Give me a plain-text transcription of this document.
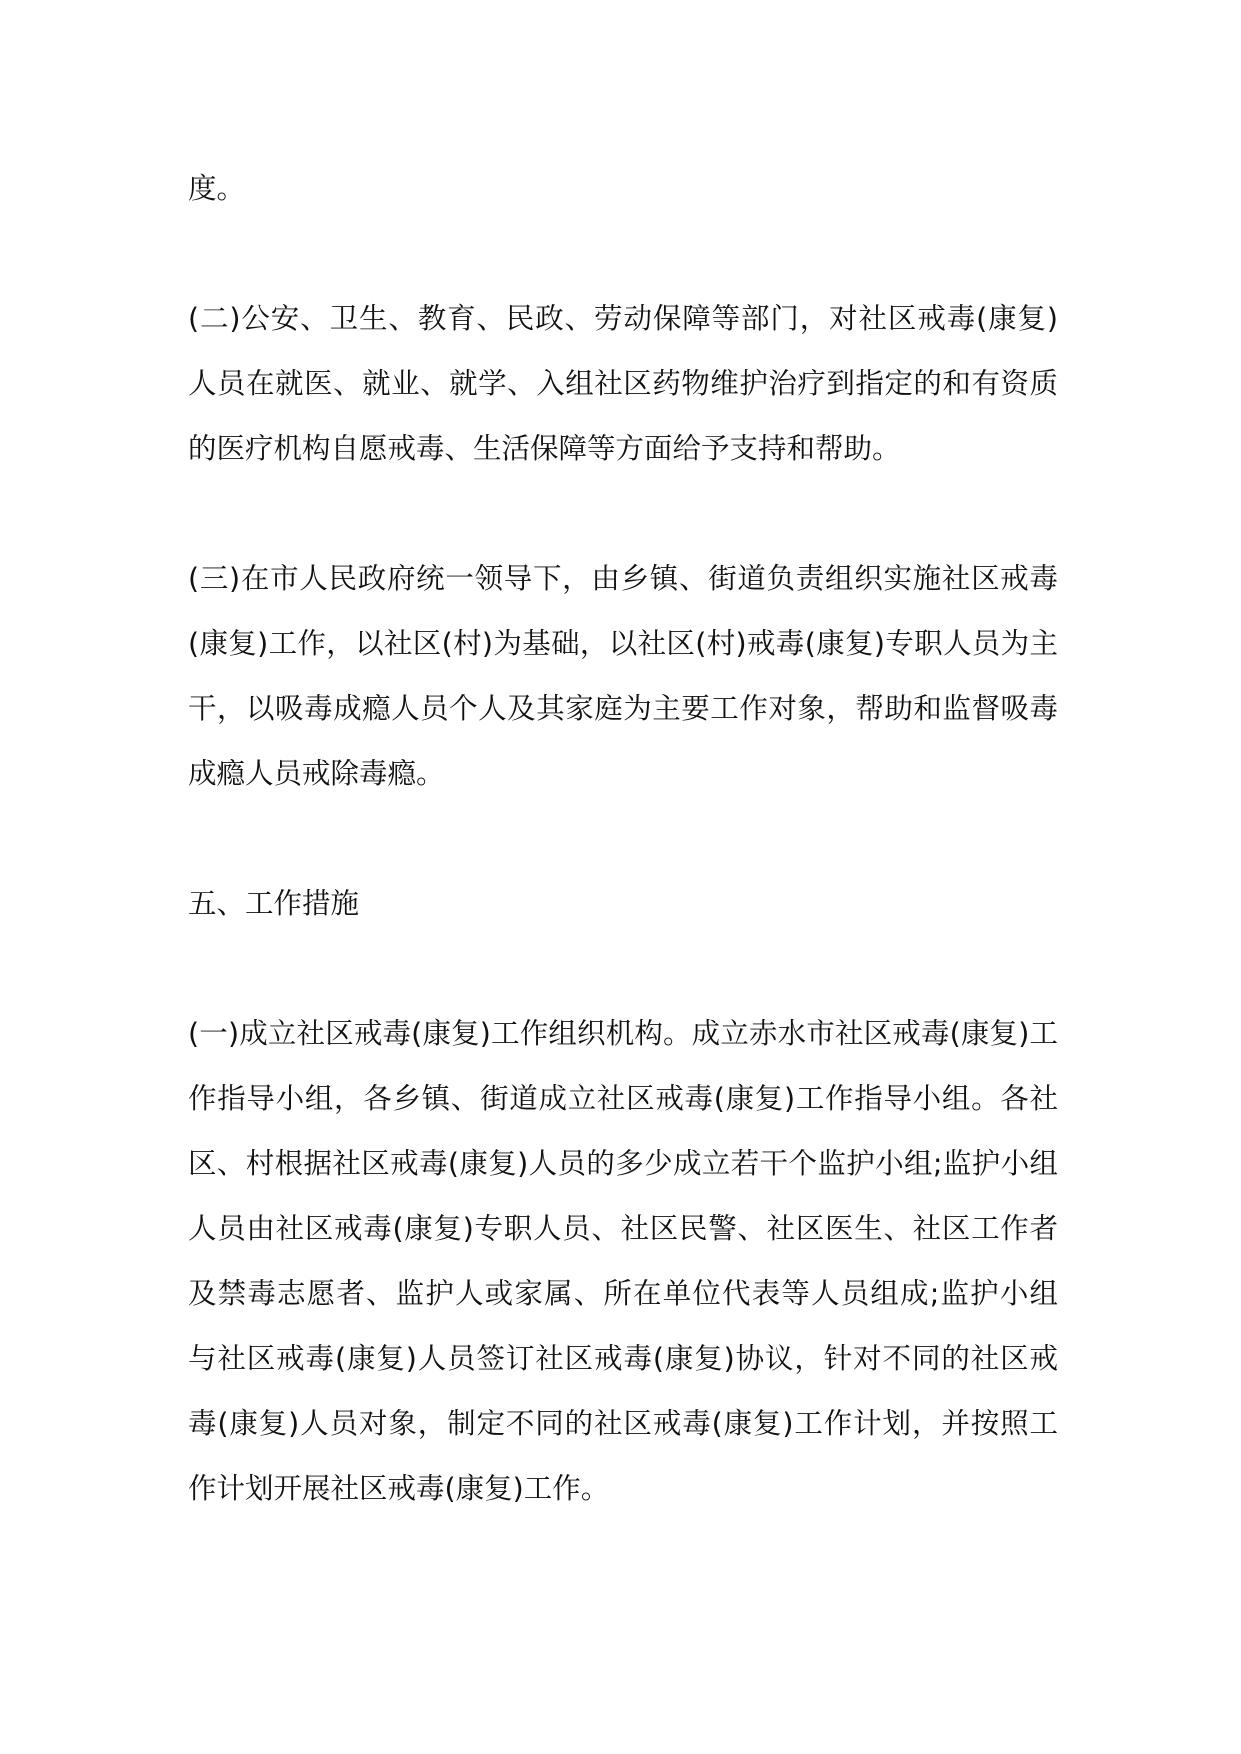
度。
(二)公安、卫生、教育、民政、劳动保障等部门，对社区戒毒(康复)
人员在就医、就业、就学、入组社区药物维护治疗到指定的和有资质
的医疗机构自愿戒毒、生活保障等方面给予支持和帮助。
(三)在市人民政府统一领导下，由乡镇、街道负责组织实施社区戒毒
(康复)工作，以社区(村)为基础，以社区(村)戒毒(康复)专职人员为主
干，以吸毒成瘾人员个人及其家庭为主要工作对象，帮助和监督吸毒
成瘾人员戒除毒瘾。
五、工作措施
(一)成立社区戒毒(康复)工作组织机构。成立赤水市社区戒毒(康复)工
作指导小组，各乡镇、街道成立社区戒毒(康复)工作指导小组。各社
区、村根据社区戒毒(康复)人员的多少成立若干个监护小组;监护小组
人员由社区戒毒(康复)专职人员、社区民警、社区医生、社区工作者
及禁毒志愿者、监护人或家属、所在单位代表等人员组成;监护小组
与社区戒毒(康复)人员签订社区戒毒(康复)协议，针对不同的社区戒
毒(康复)人员对象，制定不同的社区戒毒(康复)工作计划，并按照工
作计划开展社区戒毒(康复)工作。
